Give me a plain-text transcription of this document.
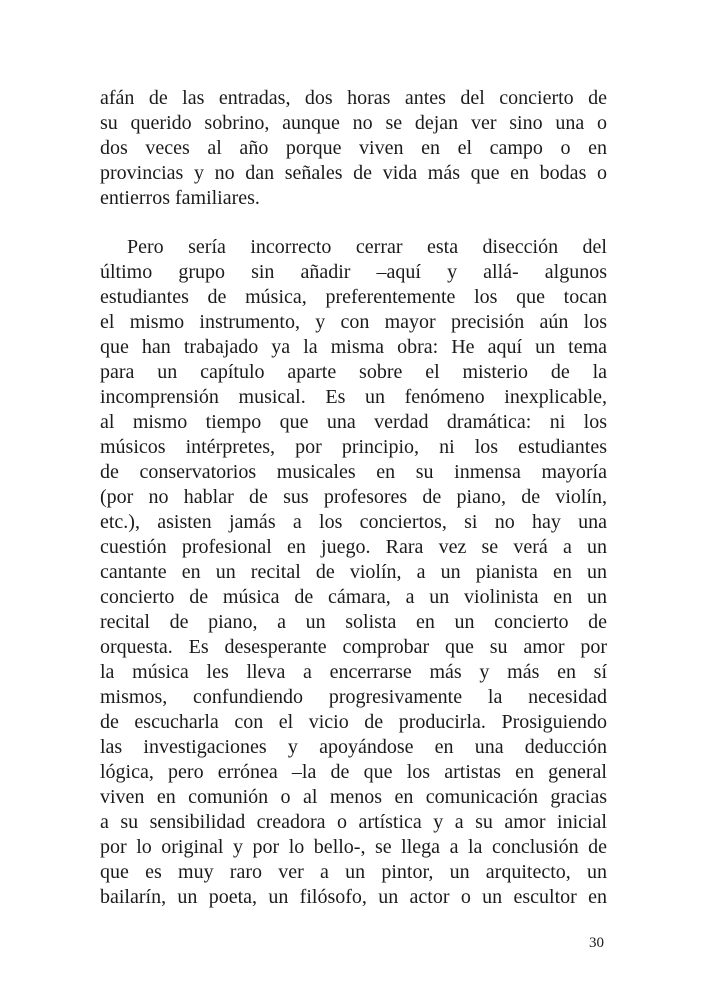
afán de las entradas, dos horas antes del concierto de
su querido sobrino, aunque no se dejan ver sino una o
dos veces al año porque viven en el campo o en
provincias y no dan señales de vida más que en bodas o
entierros familiares.
Pero sería incorrecto cerrar esta disección del
último grupo sin añadir –aquí y allá- algunos
estudiantes de música, preferentemente los que tocan
el mismo instrumento, y con mayor precisión aún los
que han trabajado ya la misma obra: He aquí un tema
para un capítulo aparte sobre el misterio de la
incomprensión musical. Es un fenómeno inexplicable,
al mismo tiempo que una verdad dramática: ni los
músicos intérpretes, por principio, ni los estudiantes
de conservatorios musicales en su inmensa mayoría
(por no hablar de sus profesores de piano, de violín,
etc.), asisten jamás a los conciertos, si no hay una
cuestión profesional en juego. Rara vez se verá a un
cantante en un recital de violín, a un pianista en un
concierto de música de cámara, a un violinista en un
recital de piano, a un solista en un concierto de
orquesta. Es desesperante comprobar que su amor por
la música les lleva a encerrarse más y más en sí
mismos, confundiendo progresivamente la necesidad
de escucharla con el vicio de producirla. Prosiguiendo
las investigaciones y apoyándose en una deducción
lógica, pero errónea –la de que los artistas en general
viven en comunión o al menos en comunicación gracias
a su sensibilidad creadora o artística y a su amor inicial
por lo original y por lo bello-, se llega a la conclusión de
que es muy raro ver a un pintor, un arquitecto, un
bailarín, un poeta, un filósofo, un actor o un escultor en
30
